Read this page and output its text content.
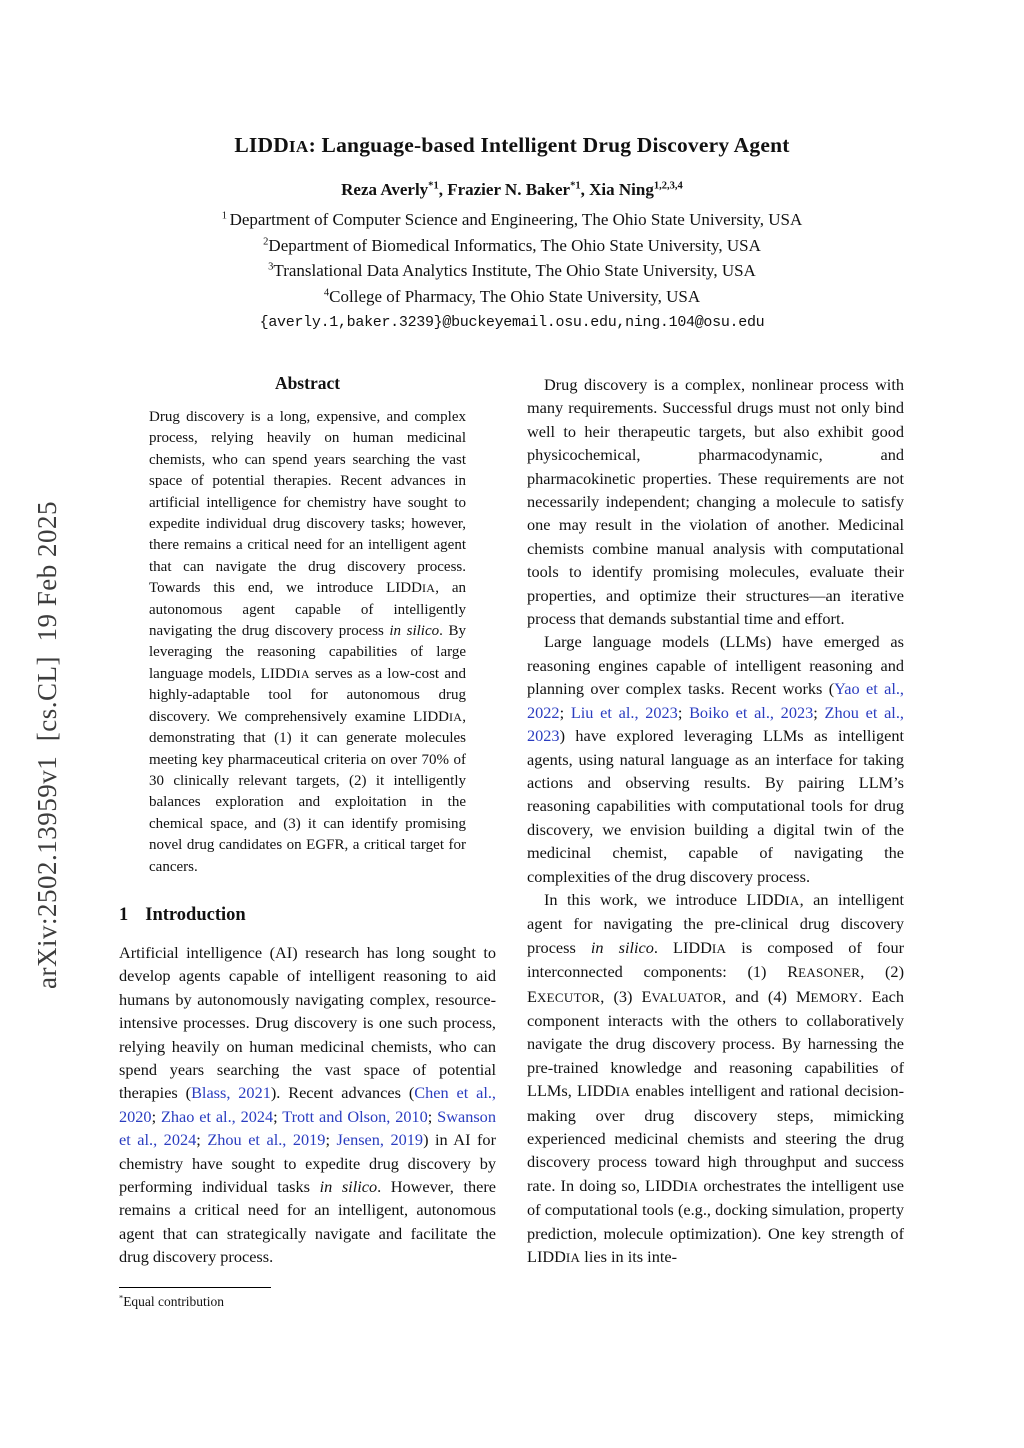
arXiv:2502.13959v1  [cs.CL]  19 Feb 2025
LIDDIA: Language-based Intelligent Drug Discovery Agent
Reza Averly$^{*1}$, Frazier N. Baker$^{*1}$, Xia Ning$^{1,2,3,4}$
$^1$ Department of Computer Science and Engineering, The Ohio State University, USA
$^2$Department of Biomedical Informatics, The Ohio State University, USA
$^3$Translational Data Analytics Institute, The Ohio State University, USA
$^4$College of Pharmacy, The Ohio State University, USA
{averly.1,baker.3239}@buckeyemail.osu.edu,ning.104@osu.edu
Abstract

Drug discovery is a long, expensive, and complex process, relying heavily on human medicinal chemists, who can spend years searching the vast space of potential therapies. Recent advances in artificial intelligence for chemistry have sought to expedite individual drug discovery tasks; however, there remains a critical need for an intelligent agent that can navigate the drug discovery process. Towards this end, we introduce LIDDIA, an autonomous agent capable of intelligently navigating the drug discovery process in silico. By leveraging the reasoning capabilities of large language models, LIDDIA serves as a low-cost and highly-adaptable tool for autonomous drug discovery. We comprehensively examine LIDDIA, demonstrating that (1) it can generate molecules meeting key pharmaceutical criteria on over 70% of 30 clinically relevant targets, (2) it intelligently balances exploration and exploitation in the chemical space, and (3) it can identify promising novel drug candidates on EGFR, a critical target for cancers.

1 Introduction

Artificial intelligence (AI) research has long sought to develop agents capable of intelligent reasoning to aid humans by autonomously navigating complex, resource-intensive processes. Drug discovery is one such process, relying heavily on human medicinal chemists, who can spend years searching the vast space of potential therapies (Blass, 2021). Recent advances (Chen et al., 2020; Zhao et al., 2024; Trott and Olson, 2010; Swanson et al., 2024; Zhou et al., 2019; Jensen, 2019) in AI for chemistry have sought to expedite drug discovery by performing individual tasks in silico. However, there remains a critical need for an intelligent, autonomous agent that can strategically navigate and facilitate the drug discovery process.

*Equal contribution

Drug discovery is a complex, nonlinear process with many requirements. Successful drugs must not only bind well to heir therapeutic targets, but also exhibit good physicochemical, pharmacodynamic, and pharmacokinetic properties. These requirements are not necessarily independent; changing a molecule to satisfy one may result in the violation of another. Medicinal chemists combine manual analysis with computational tools to identify promising molecules, evaluate their properties, and optimize their structures—an iterative process that demands substantial time and effort.

Large language models (LLMs) have emerged as reasoning engines capable of intelligent reasoning and planning over complex tasks. Recent works (Yao et al., 2022; Liu et al., 2023; Boiko et al., 2023; Zhou et al., 2023) have explored leveraging LLMs as intelligent agents, using natural language as an interface for taking actions and observing results. By pairing LLM’s reasoning capabilities with computational tools for drug discovery, we envision building a digital twin of the medicinal chemist, capable of navigating the complexities of the drug discovery process.

In this work, we introduce LIDDIA, an intelligent agent for navigating the pre-clinical drug discovery process in silico. LIDDIA is composed of four interconnected components: (1) REASONER, (2) EXECUTOR, (3) EVALUATOR, and (4) MEMORY. Each component interacts with the others to collaboratively navigate the drug discovery process. By harnessing the pre-trained knowledge and reasoning capabilities of LLMs, LIDDIA enables intelligent and rational decision-making over drug discovery steps, mimicking experienced medicinal chemists and steering the drug discovery process toward high throughput and success rate. In doing so, LIDDIA orchestrates the intelligent use of computational tools (e.g., docking simulation, property prediction, molecule optimization). One key strength of LIDDIA lies in its inte-
